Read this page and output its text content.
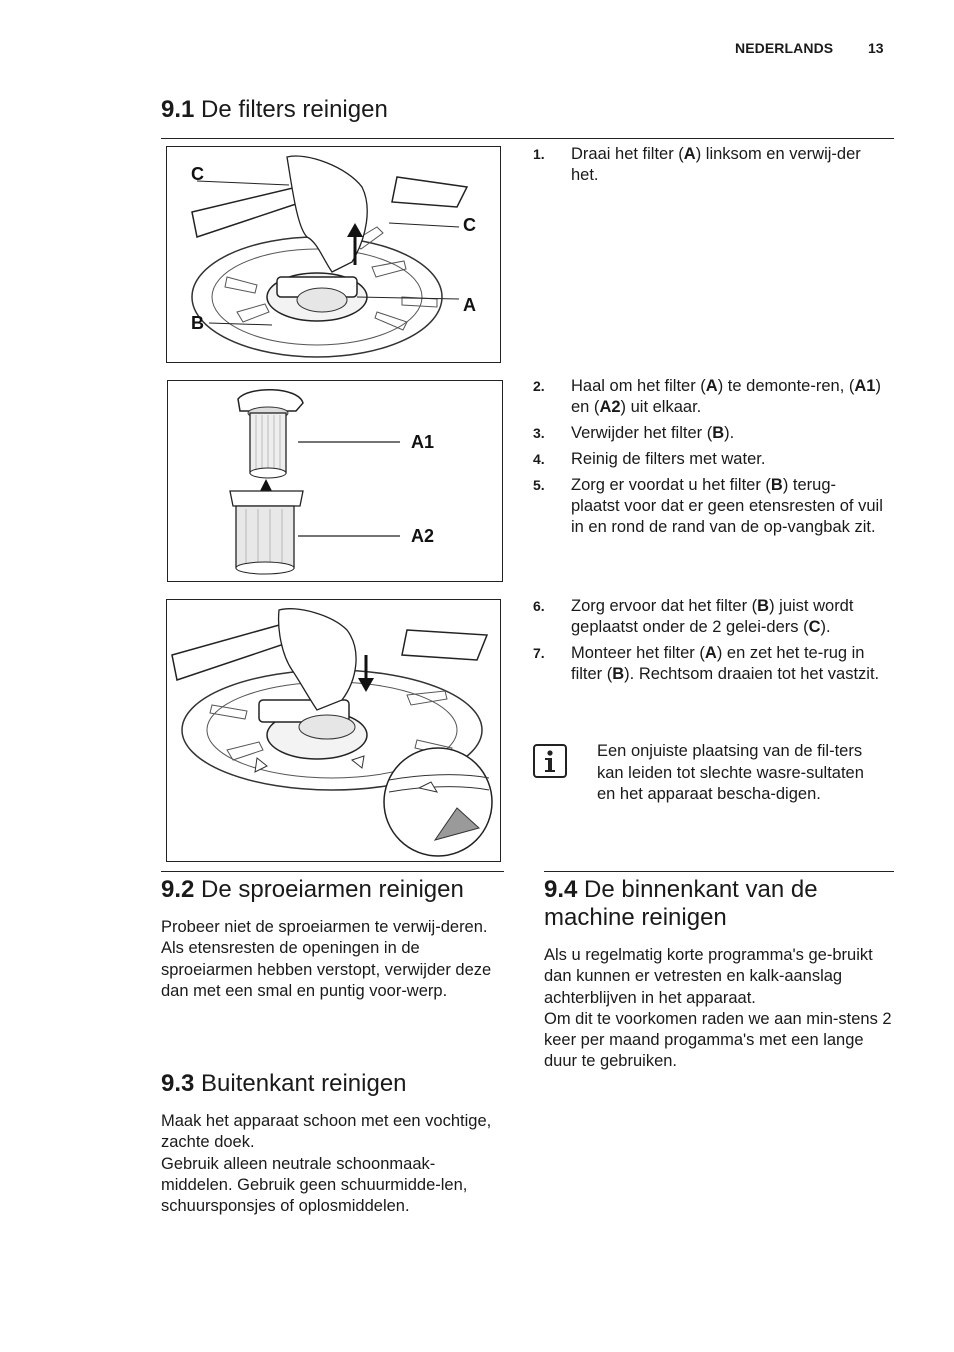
NEDERLANDS 13
9.1 De filters reinigen
C
C
A
B
1. Draai het filter (A) linksom en verwij-der het.
A1
A2
2. Haal om het filter (A) te demonte-ren, (A1) en (A2) uit elkaar.
3. Verwijder het filter (B).
4. Reinig de filters met water.
5. Zorg er voordat u het filter (B) terug-plaatst voor dat er geen etensresten of vuil in en rond de rand van de op-vangbak zit.
6. Zorg ervoor dat het filter (B) juist wordt geplaatst onder de 2 gelei-ders (C).
7. Monteer het filter (A) en zet het te-rug in filter (B). Rechtsom draaien tot het vastzit.
Een onjuiste plaatsing van de fil-ters kan leiden tot slechte wasre-sultaten en het apparaat bescha-digen.
9.2 De sproeiarmen reinigen
Probeer niet de sproeiarmen te verwij-deren.
Als etensresten de openingen in de sproeiarmen hebben verstopt, verwijder deze dan met een smal en puntig voor-werp.
9.3 Buitenkant reinigen
Maak het apparaat schoon met een vochtige, zachte doek.
Gebruik alleen neutrale schoonmaak-middelen. Gebruik geen schuurmidde-len, schuursponsjes of oplosmiddelen.
9.4 De binnenkant van de
machine reinigen
Als u regelmatig korte programma's ge-bruikt dan kunnen er vetresten en kalk-aanslag achterblijven in het apparaat.
Om dit te voorkomen raden we aan min-stens 2 keer per maand progamma's met een lange duur te gebruiken.
